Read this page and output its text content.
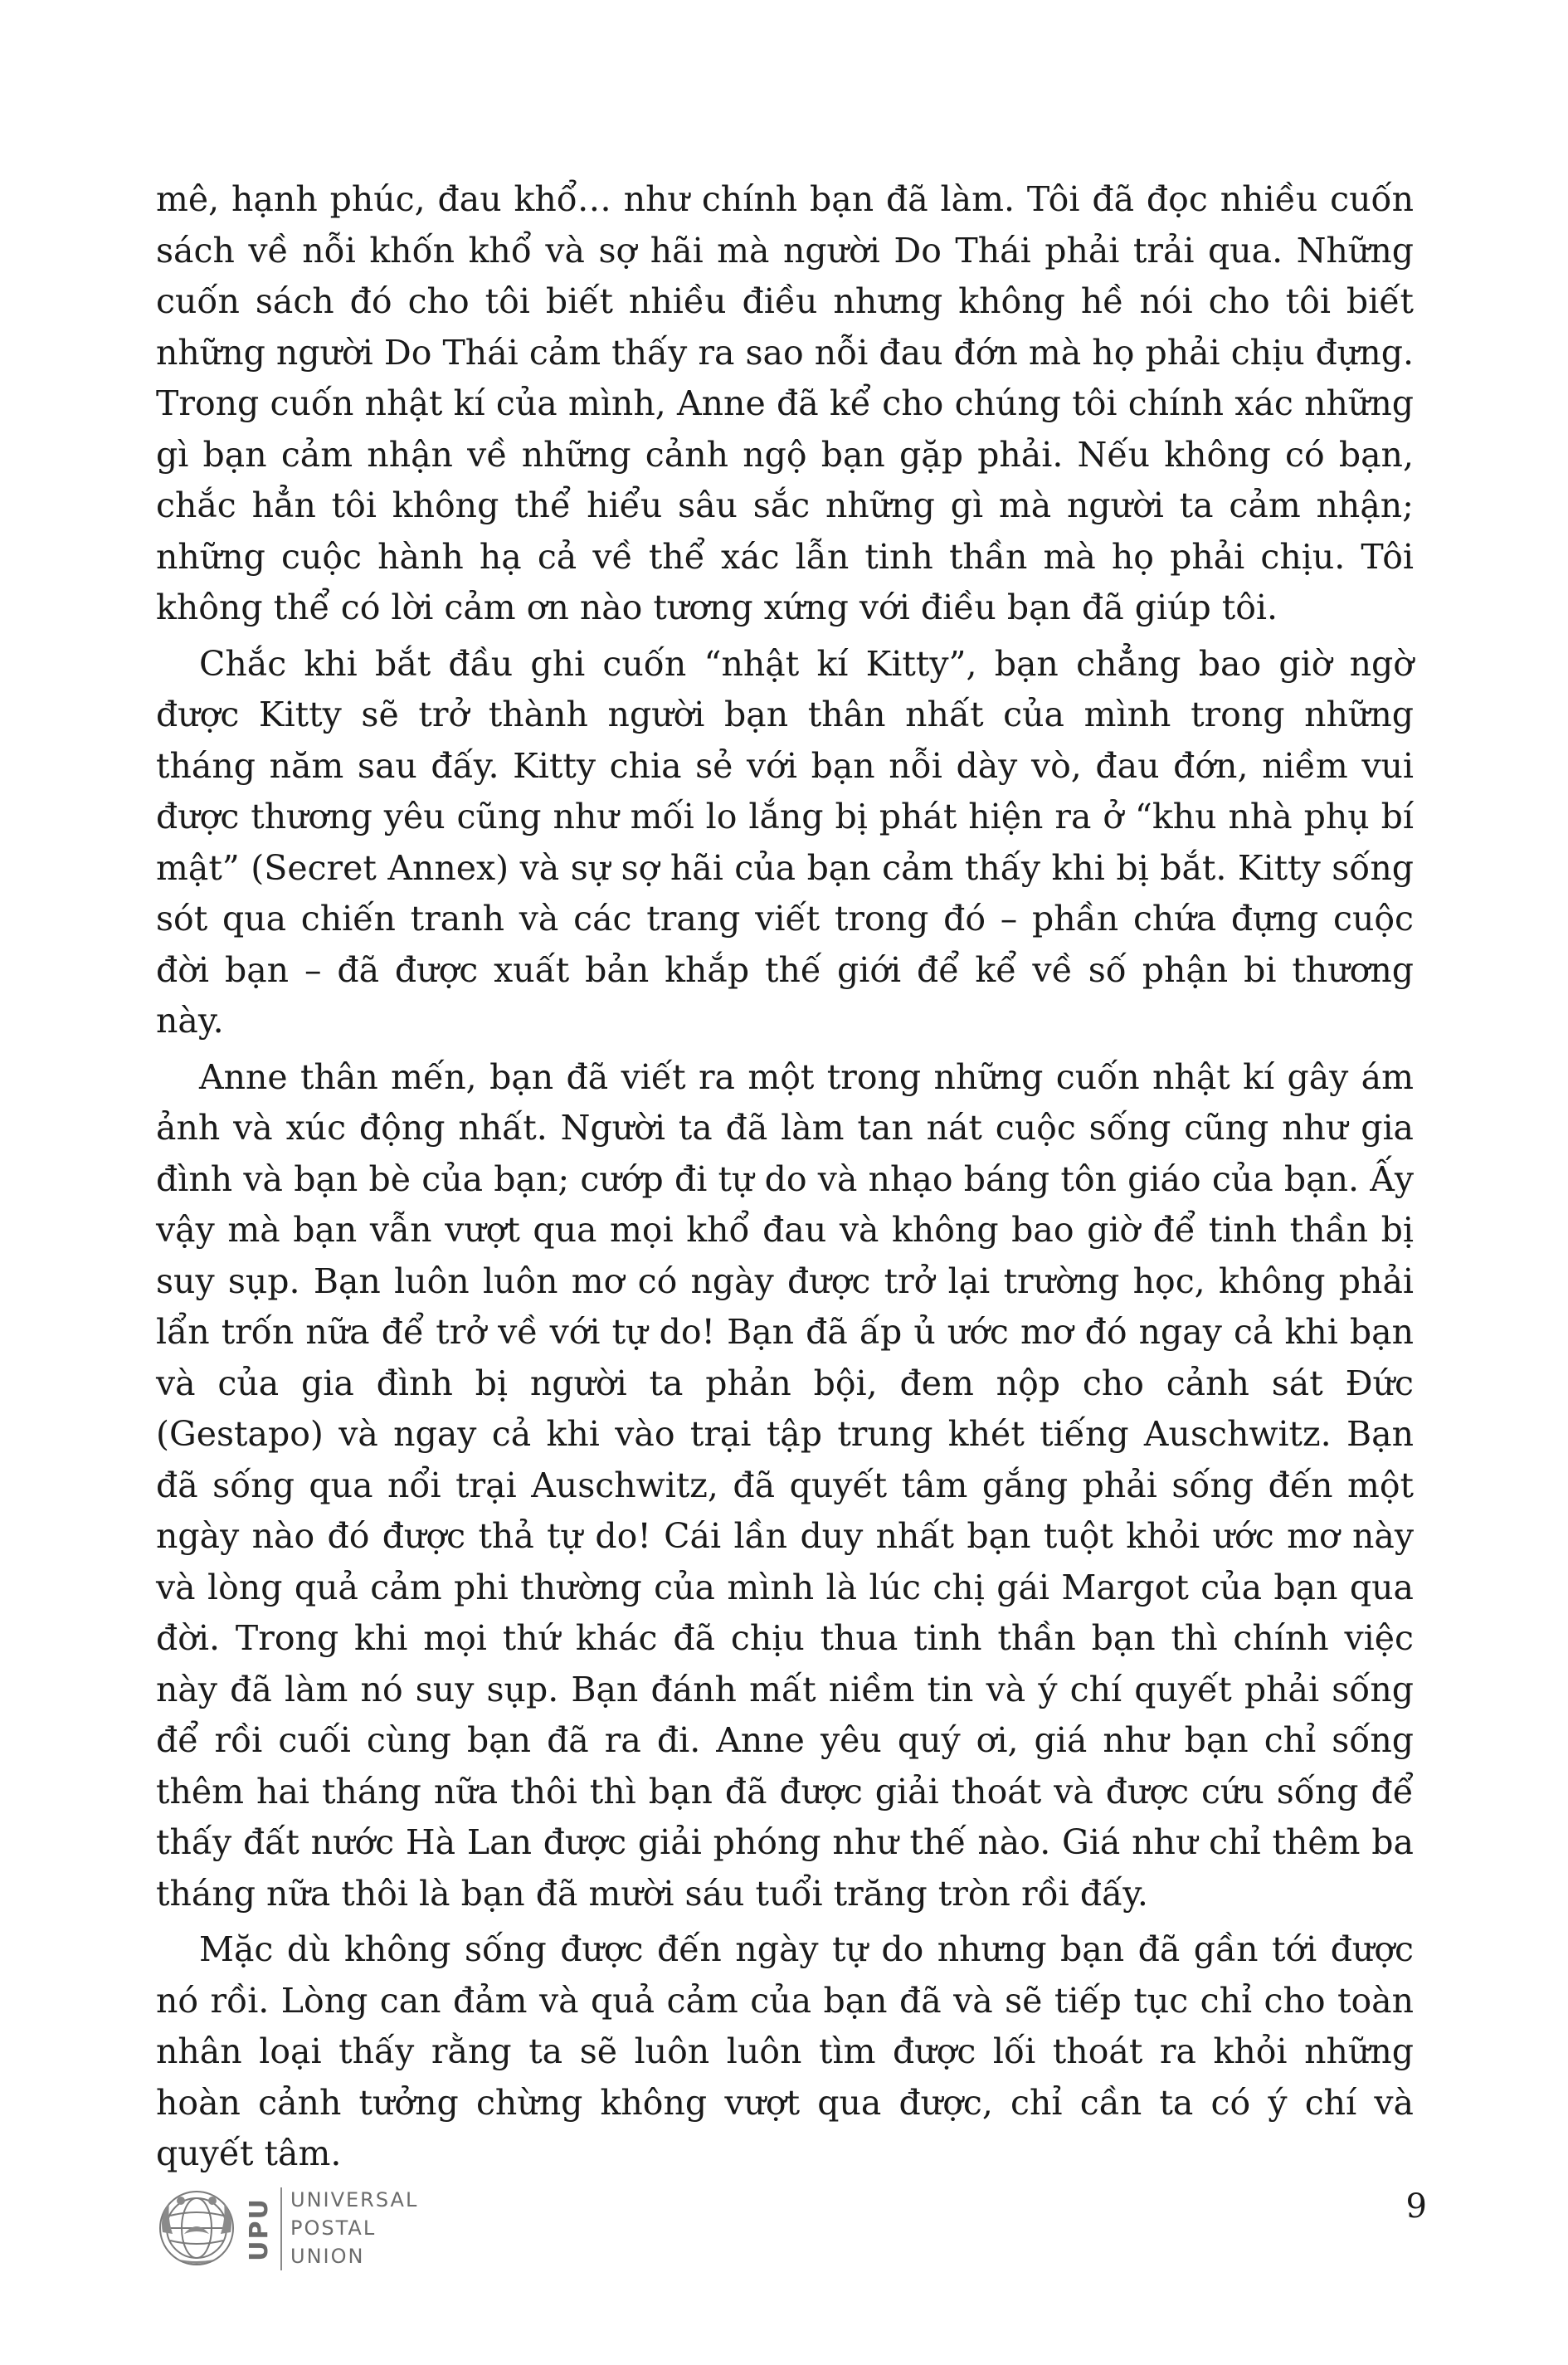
mê, hạnh phúc, đau khổ… như chính bạn đã làm. Tôi đã đọc nhiều cuốn sách về nỗi khốn khổ và sợ hãi mà người Do Thái phải trải qua. Những cuốn sách đó cho tôi biết nhiều điều nhưng không hề nói cho tôi biết những người Do Thái cảm thấy ra sao nỗi đau đớn mà họ phải chịu đựng. Trong cuốn nhật kí của mình, Anne đã kể cho chúng tôi chính xác những gì bạn cảm nhận về những cảnh ngộ bạn gặp phải. Nếu không có bạn, chắc hẳn tôi không thể hiểu sâu sắc những gì mà người ta cảm nhận; những cuộc hành hạ cả về thể xác lẫn tinh thần mà họ phải chịu. Tôi không thể có lời cảm ơn nào tương xứng với điều bạn đã giúp tôi.

Chắc khi bắt đầu ghi cuốn “nhật kí Kitty”, bạn chẳng bao giờ ngờ được Kitty sẽ trở thành người bạn thân nhất của mình trong những tháng năm sau đấy. Kitty chia sẻ với bạn nỗi dày vò, đau đớn, niềm vui được thương yêu cũng như mối lo lắng bị phát hiện ra ở “khu nhà phụ bí mật” (Secret Annex) và sự sợ hãi của bạn cảm thấy khi bị bắt. Kitty sống sót qua chiến tranh và các trang viết trong đó – phần chứa đựng cuộc đời bạn – đã được xuất bản khắp thế giới để kể về số phận bi thương này.

Anne thân mến, bạn đã viết ra một trong những cuốn nhật kí gây ám ảnh và xúc động nhất. Người ta đã làm tan nát cuộc sống cũng như gia đình và bạn bè của bạn; cướp đi tự do và nhạo báng tôn giáo của bạn. Ấy vậy mà bạn vẫn vượt qua mọi khổ đau và không bao giờ để tinh thần bị suy sụp. Bạn luôn luôn mơ có ngày được trở lại trường học, không phải lẩn trốn nữa để trở về với tự do! Bạn đã ấp ủ ước mơ đó ngay cả khi bạn và của gia đình bị người ta phản bội, đem nộp cho cảnh sát Đức (Gestapo) và ngay cả khi vào trại tập trung khét tiếng Auschwitz. Bạn đã sống qua nổi trại Auschwitz, đã quyết tâm gắng phải sống đến một ngày nào đó được thả tự do! Cái lần duy nhất bạn tuột khỏi ước mơ này và lòng quả cảm phi thường của mình là lúc chị gái Margot của bạn qua đời. Trong khi mọi thứ khác đã chịu thua tinh thần bạn thì chính việc này đã làm nó suy sụp. Bạn đánh mất niềm tin và ý chí quyết phải sống để rồi cuối cùng bạn đã ra đi. Anne yêu quý ơi, giá như bạn chỉ sống thêm hai tháng nữa thôi thì bạn đã được giải thoát và được cứu sống để thấy đất nước Hà Lan được giải phóng như thế nào. Giá như chỉ thêm ba tháng nữa thôi là bạn đã mười sáu tuổi trăng tròn rồi đấy.

Mặc dù không sống được đến ngày tự do nhưng bạn đã gần tới được nó rồi. Lòng can đảm và quả cảm của bạn đã và sẽ tiếp tục chỉ cho toàn nhân loại thấy rằng ta sẽ luôn luôn tìm được lối thoát ra khỏi những hoàn cảnh tưởng chừng không vượt qua được, chỉ cần ta có ý chí và quyết tâm.

UPU UNIVERSAL
POSTAL
UNION
9
